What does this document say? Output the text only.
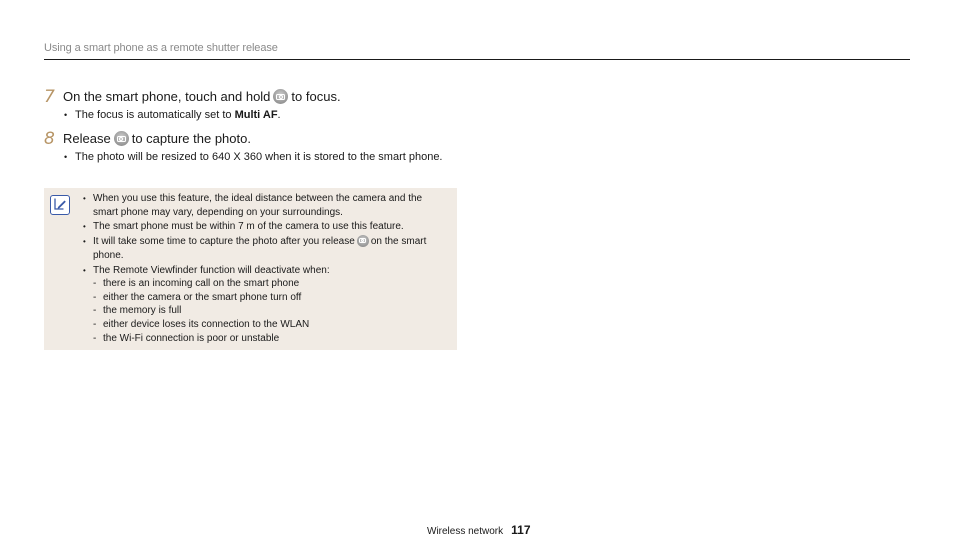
Using a smart phone as a remote shutter release
7 On the smart phone, touch and hold to focus.
• The focus is automatically set to Multi AF.
8 Release to capture the photo.
• The photo will be resized to 640 X 360 when it is stored to the smart phone.
• When you use this feature, the ideal distance between the camera and the smart phone may vary, depending on your surroundings.
• The smart phone must be within 7 m of the camera to use this feature.
• It will take some time to capture the photo after you release on the smart phone.
• The Remote Viewfinder function will deactivate when:
- there is an incoming call on the smart phone
- either the camera or the smart phone turn off
- the memory is full
- either device loses its connection to the WLAN
- the Wi-Fi connection is poor or unstable
Wireless network 117
